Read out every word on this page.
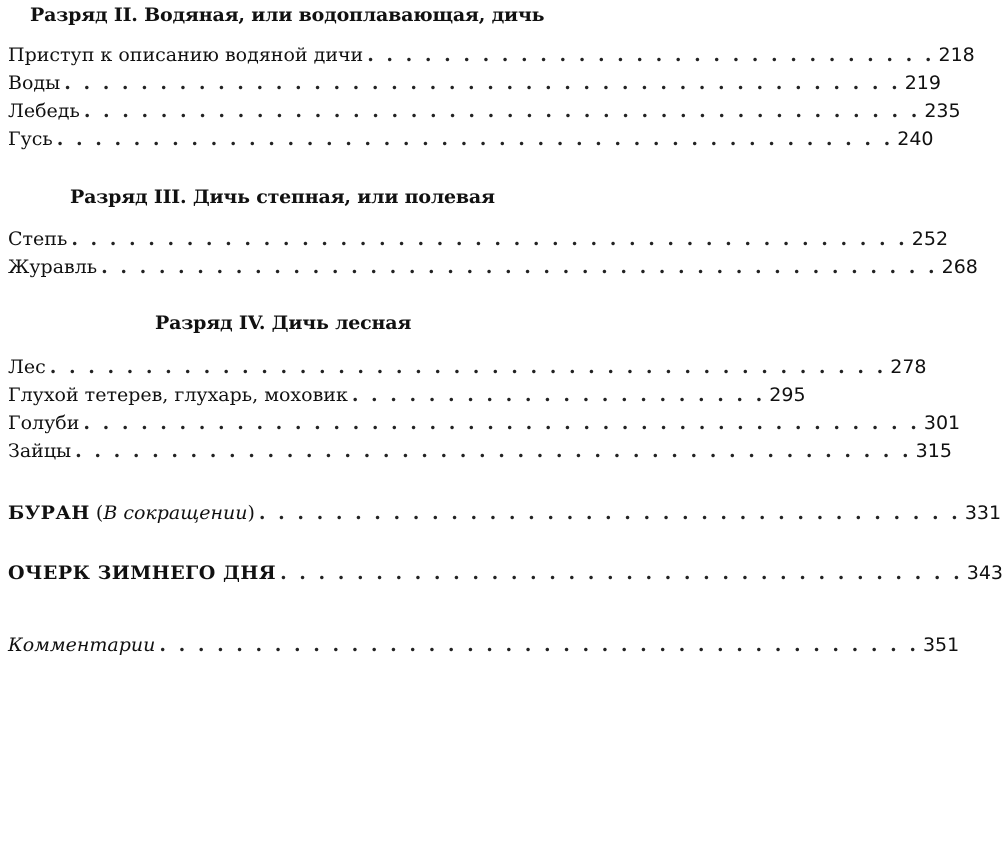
Разряд II. Водяная, или водоплавающая, дичь
Приступ к описанию водяной дичи . . . . . . . . . . . . . . . . . . . . . . . . . . . . . . 218
Воды . . . . . . . . . . . . . . . . . . . . . . . . . . . . . . . . . . . . . . . . . . . . 219
Лебедь . . . . . . . . . . . . . . . . . . . . . . . . . . . . . . . . . . . . . . . . . . . . 235
Гусь . . . . . . . . . . . . . . . . . . . . . . . . . . . . . . . . . . . . . . . . . . . . 240
Разряд III. Дичь степная, или полевая
Степь . . . . . . . . . . . . . . . . . . . . . . . . . . . . . . . . . . . . . . . . . . . . 252
Журавль . . . . . . . . . . . . . . . . . . . . . . . . . . . . . . . . . . . . . . . . . . . . 268
Разряд IV. Дичь лесная
Лес . . . . . . . . . . . . . . . . . . . . . . . . . . . . . . . . . . . . . . . . . . . . 278
Глухой тетерев, глухарь, моховик . . . . . . . . . . . . . . . . . . . . . . 295
Голуби . . . . . . . . . . . . . . . . . . . . . . . . . . . . . . . . . . . . . . . . . . . . 301
Зайцы . . . . . . . . . . . . . . . . . . . . . . . . . . . . . . . . . . . . . . . . . . . . 315
БУРАН (В сокращении) . . . . . . . . . . . . . . . . . . . . . . . . . . . . . . . . . . . . . 331
ОЧЕРК ЗИМНЕГО ДНЯ . . . . . . . . . . . . . . . . . . . . . . . . . . . . . . . . . . . . 343
Комментарии . . . . . . . . . . . . . . . . . . . . . . . . . . . . . . . . . . . . . . . . 351
